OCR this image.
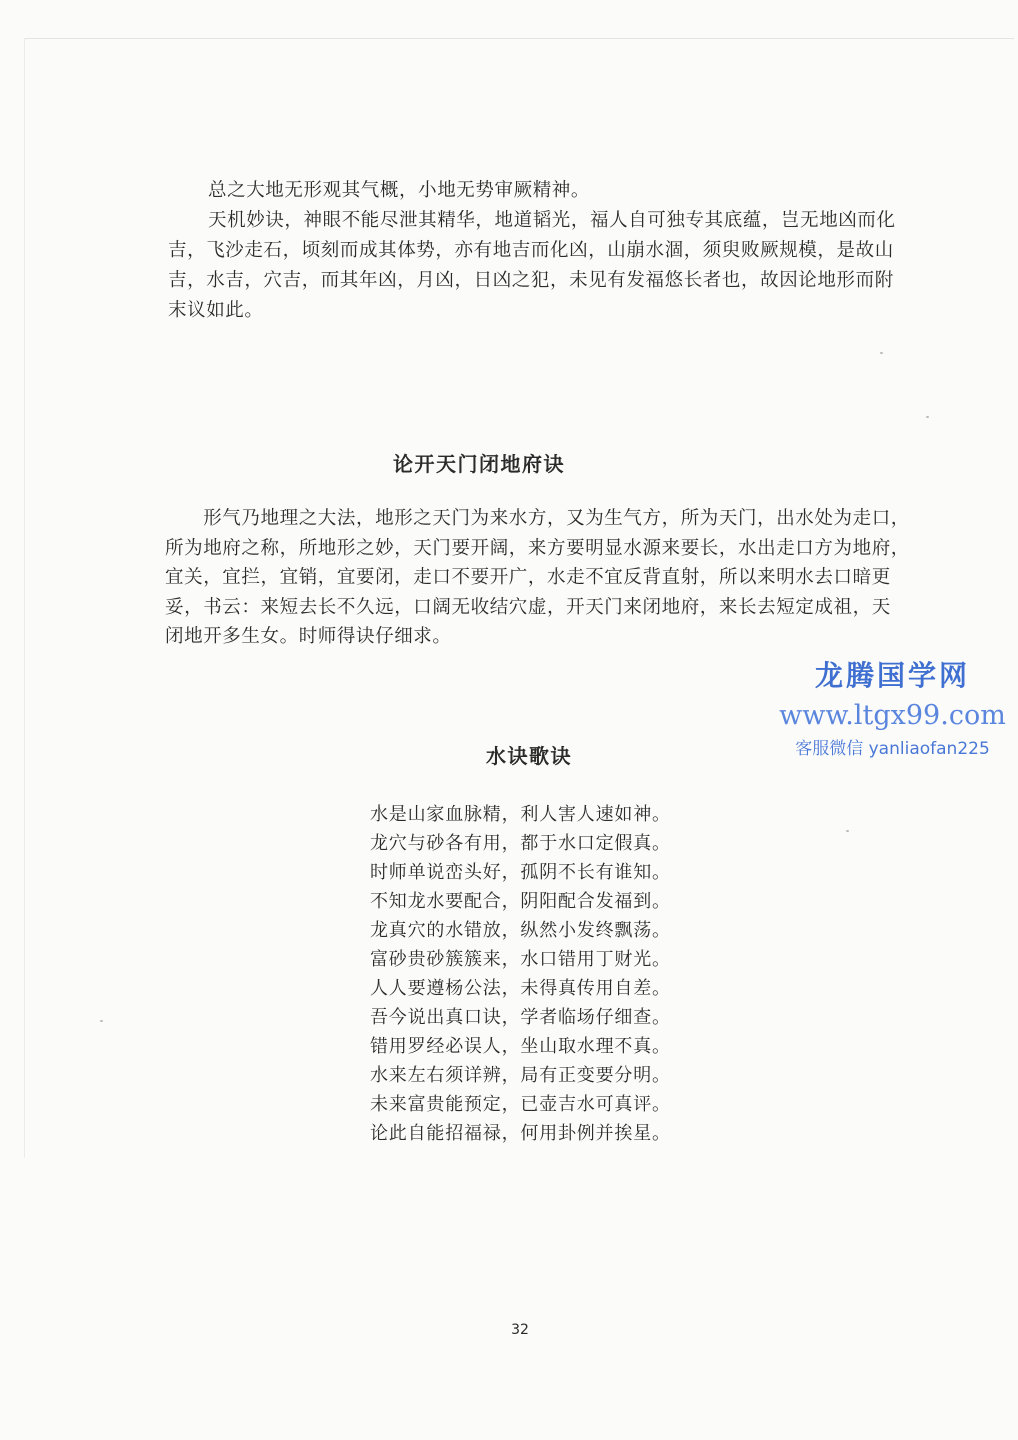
总之大地无形观其气概，小地无势审厥精神。

天机妙诀，神眼不能尽泄其精华，地道韬光，福人自可独专其底蕴，岂无地凶而化
吉，飞沙走石，顷刻而成其体势，亦有地吉而化凶，山崩水涸，须臾败厥规模，是故山
吉，水吉，穴吉，而其年凶，月凶，日凶之犯，未见有发福悠长者也，故因论地形而附
末议如此。
论开天门闭地府诀
　　形气乃地理之大法，地形之天门为来水方，又为生气方，所为天门，出水处为走口，
所为地府之称，所地形之妙，天门要开阔，来方要明显水源来要长，水出走口方为地府，
宜关，宜拦，宜销，宜要闭，走口不要开广，水走不宜反背直射，所以来明水去口暗更
妥，书云：来短去长不久远，口阔无收结穴虚，开天门来闭地府，来长去短定成祖，天
闭地开多生女。时师得诀仔细求。
龙腾国学网
www.ltgx99.com
客服微信 yanliaofan225
水诀歌诀
水是山家血脉精，利人害人速如神。
龙穴与砂各有用，都于水口定假真。
时师单说峦头好，孤阴不长有谁知。
不知龙水要配合，阴阳配合发福到。
龙真穴的水错放，纵然小发终飘荡。
富砂贵砂簇簇来，水口错用丁财光。
人人要遵杨公法，未得真传用自差。
吾今说出真口诀，学者临场仔细查。
错用罗经必误人，坐山取水理不真。
水来左右须详辨，局有正变要分明。
未来富贵能预定，已壶吉水可真评。
论此自能招福禄，何用卦例并挨星。
32
